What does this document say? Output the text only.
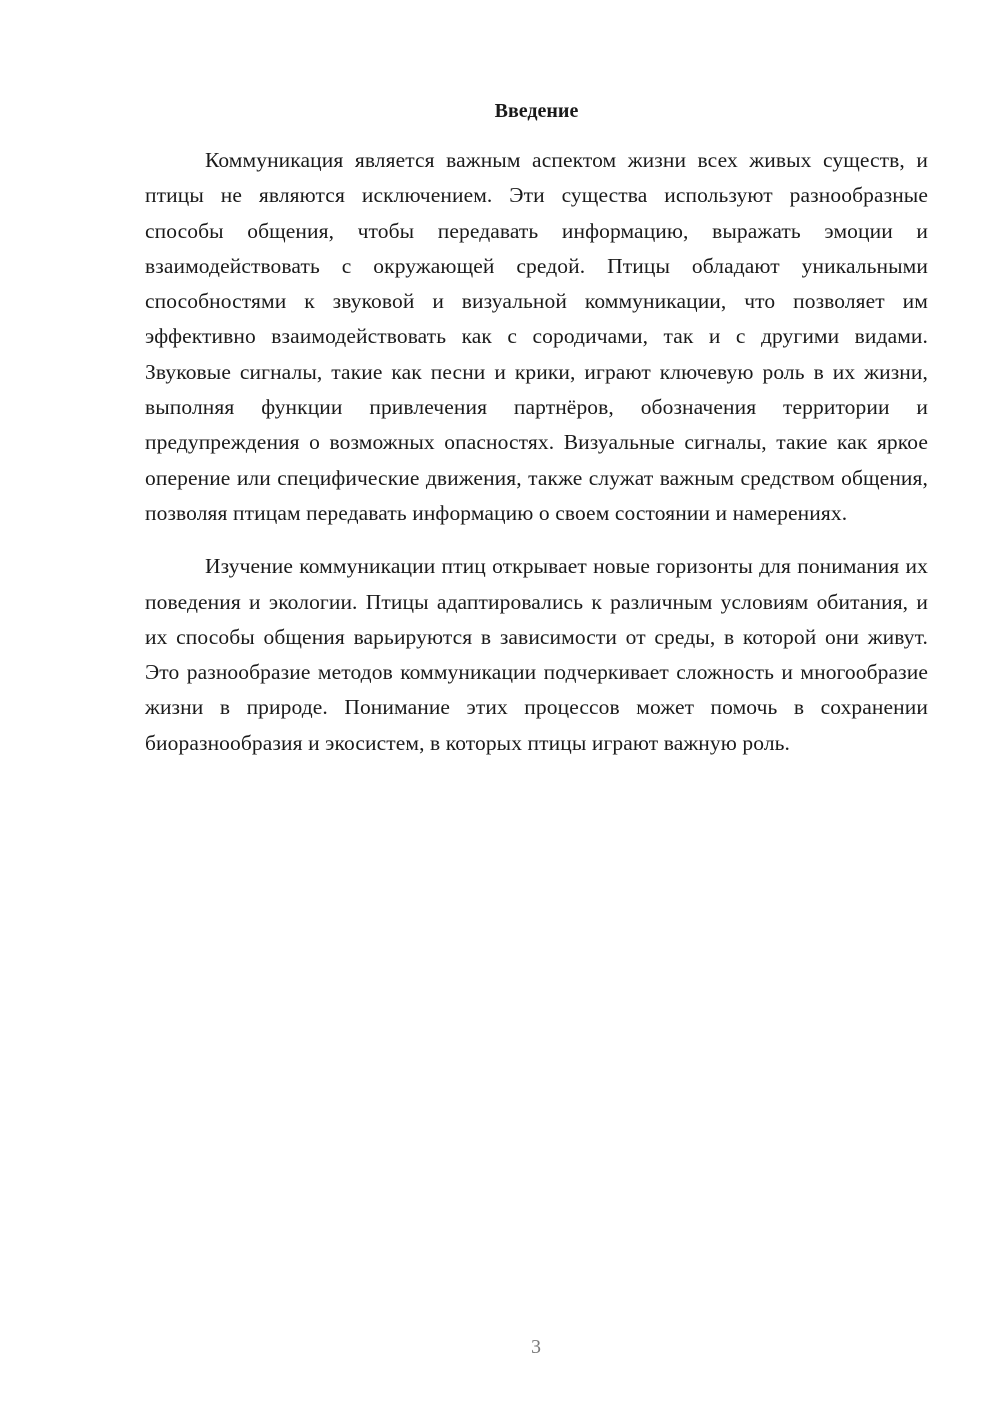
Введение

Коммуникация является важным аспектом жизни всех живых существ, и птицы не являются исключением. Эти существа используют разнообразные способы общения, чтобы передавать информацию, выражать эмоции и взаимодействовать с окружающей средой. Птицы обладают уникальными способностями к звуковой и визуальной коммуникации, что позволяет им эффективно взаимодействовать как с сородичами, так и с другими видами. Звуковые сигналы, такие как песни и крики, играют ключевую роль в их жизни, выполняя функции привлечения партнёров, обозначения территории и предупреждения о возможных опасностях. Визуальные сигналы, такие как яркое оперение или специфические движения, также служат важным средством общения, позволяя птицам передавать информацию о своем состоянии и намерениях.

Изучение коммуникации птиц открывает новые горизонты для понимания их поведения и экологии. Птицы адаптировались к различным условиям обитания, и их способы общения варьируются в зависимости от среды, в которой они живут. Это разнообразие методов коммуникации подчеркивает сложность и многообразие жизни в природе. Понимание этих процессов может помочь в сохранении биоразнообразия и экосистем, в которых птицы играют важную роль.

3
